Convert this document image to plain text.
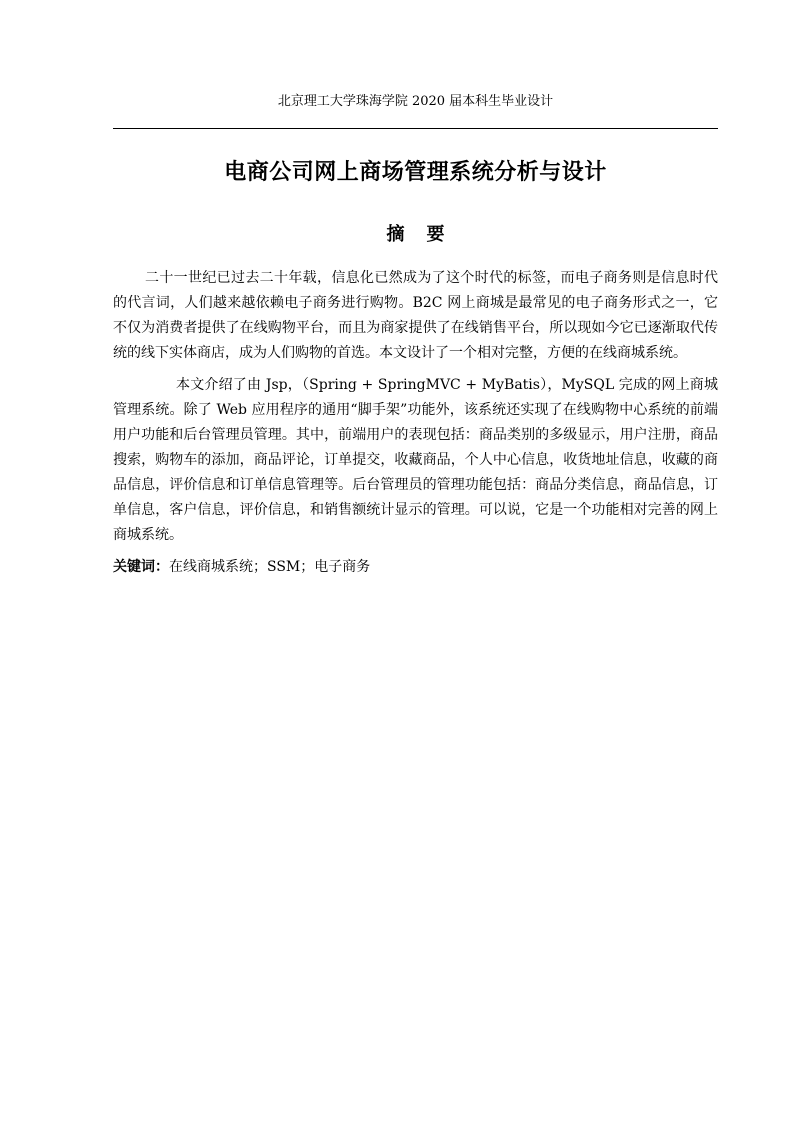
北京理工大学珠海学院 2020 届本科生毕业设计
电商公司网上商场管理系统分析与设计
摘要

二十一世纪已过去二十年载，信息化已然成为了这个时代的标签，而电子商务则是信息时代的代言词，人们越来越依赖电子商务进行购物。B2C 网上商城是最常见的电子商务形式之一，它不仅为消费者提供了在线购物平台，而且为商家提供了在线销售平台，所以现如今它已逐渐取代传统的线下实体商店，成为人们购物的首选。本文设计了一个相对完整，方便的在线商城系统。

本文介绍了由 Jsp，（Spring + SpringMVC + MyBatis），MySQL 完成的网上商城管理系统。除了 Web 应用程序的通用“脚手架”功能外，该系统还实现了在线购物中心系统的前端用户功能和后台管理员管理。其中，前端用户的表现包括：商品类别的多级显示，用户注册，商品搜索，购物车的添加，商品评论，订单提交，收藏商品，个人中心信息，收货地址信息，收藏的商品信息，评价信息和订单信息管理等。后台管理员的管理功能包括：商品分类信息，商品信息，订单信息，客户信息，评价信息，和销售额统计显示的管理。可以说，它是一个功能相对完善的网上商城系统。

关键词：在线商城系统；SSM；电子商务
